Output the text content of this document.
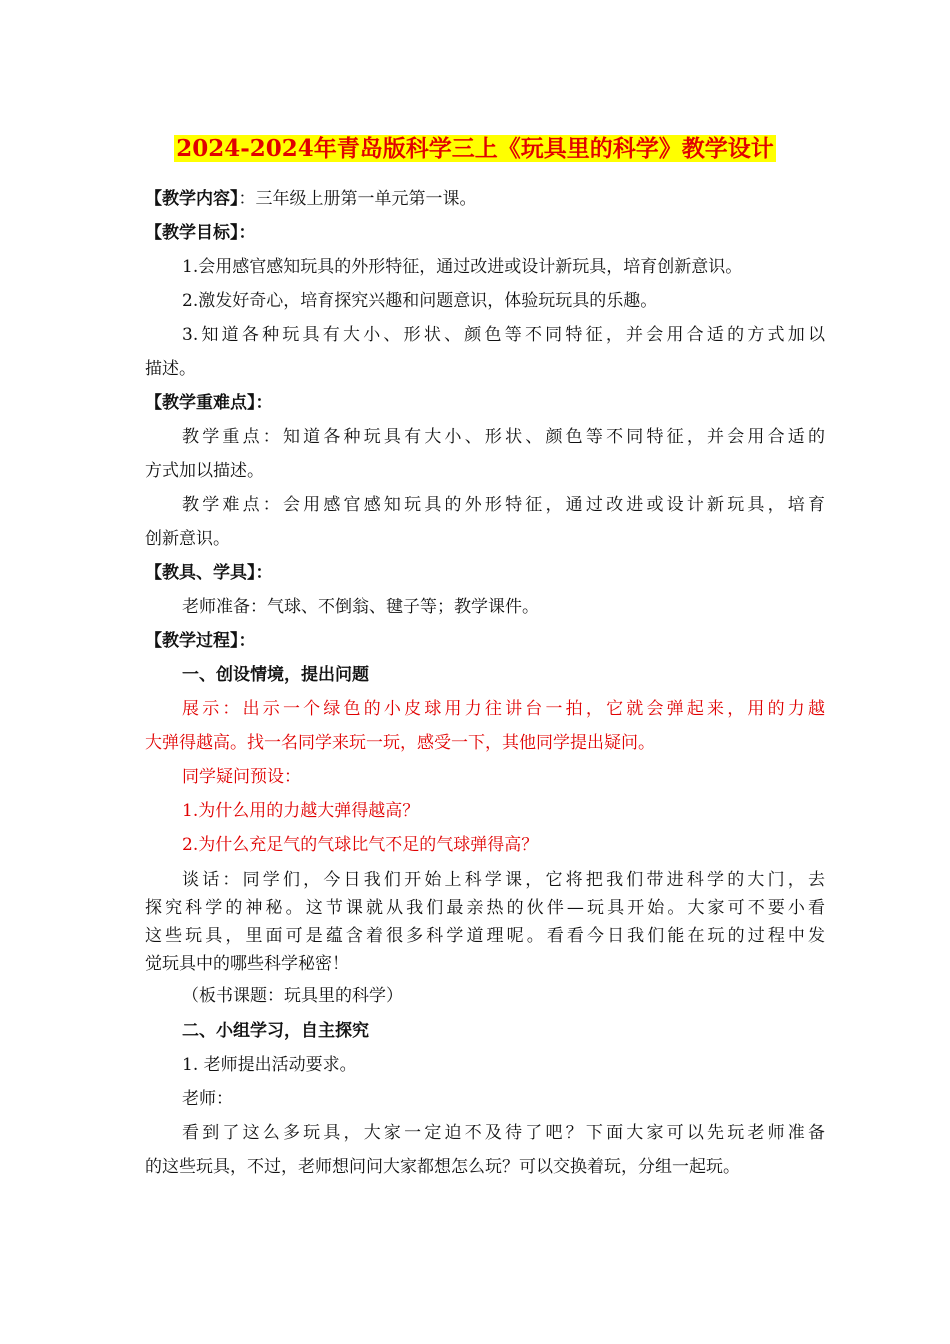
2024-2024年青岛版科学三上《玩具里的科学》教学设计
【教学内容】：三年级上册第一单元第一课。
【教学目标】：
1.会用感官感知玩具的外形特征，通过改进或设计新玩具，培育创新意识。
2.激发好奇心，培育探究兴趣和问题意识，体验玩玩具的乐趣。
3.知道各种玩具有大小、形状、颜色等不同特征，并会用合适的方式加以
描述。
【教学重难点】：
教学重点：知道各种玩具有大小、形状、颜色等不同特征，并会用合适的
方式加以描述。
教学难点：会用感官感知玩具的外形特征，通过改进或设计新玩具，培育
创新意识。
【教具、学具】：
老师准备：气球、不倒翁、毽子等；教学课件。
【教学过程】：
一、创设情境，提出问题
展示：出示一个绿色的小皮球用力往讲台一拍，它就会弹起来，用的力越
大弹得越高。找一名同学来玩一玩，感受一下，其他同学提出疑问。
同学疑问预设：
1.为什么用的力越大弹得越高？
2.为什么充足气的气球比气不足的气球弹得高？
谈话：同学们，今日我们开始上科学课，它将把我们带进科学的大门，去
探究科学的神秘。这节课就从我们最亲热的伙伴—玩具开始。大家可不要小看
这些玩具，里面可是蕴含着很多科学道理呢。看看今日我们能在玩的过程中发
觉玩具中的哪些科学秘密！
（板书课题：玩具里的科学）
二、小组学习，自主探究
1. 老师提出活动要求。
老师：
看到了这么多玩具，大家一定迫不及待了吧？下面大家可以先玩老师准备
的这些玩具，不过，老师想问问大家都想怎么玩？可以交换着玩，分组一起玩。
